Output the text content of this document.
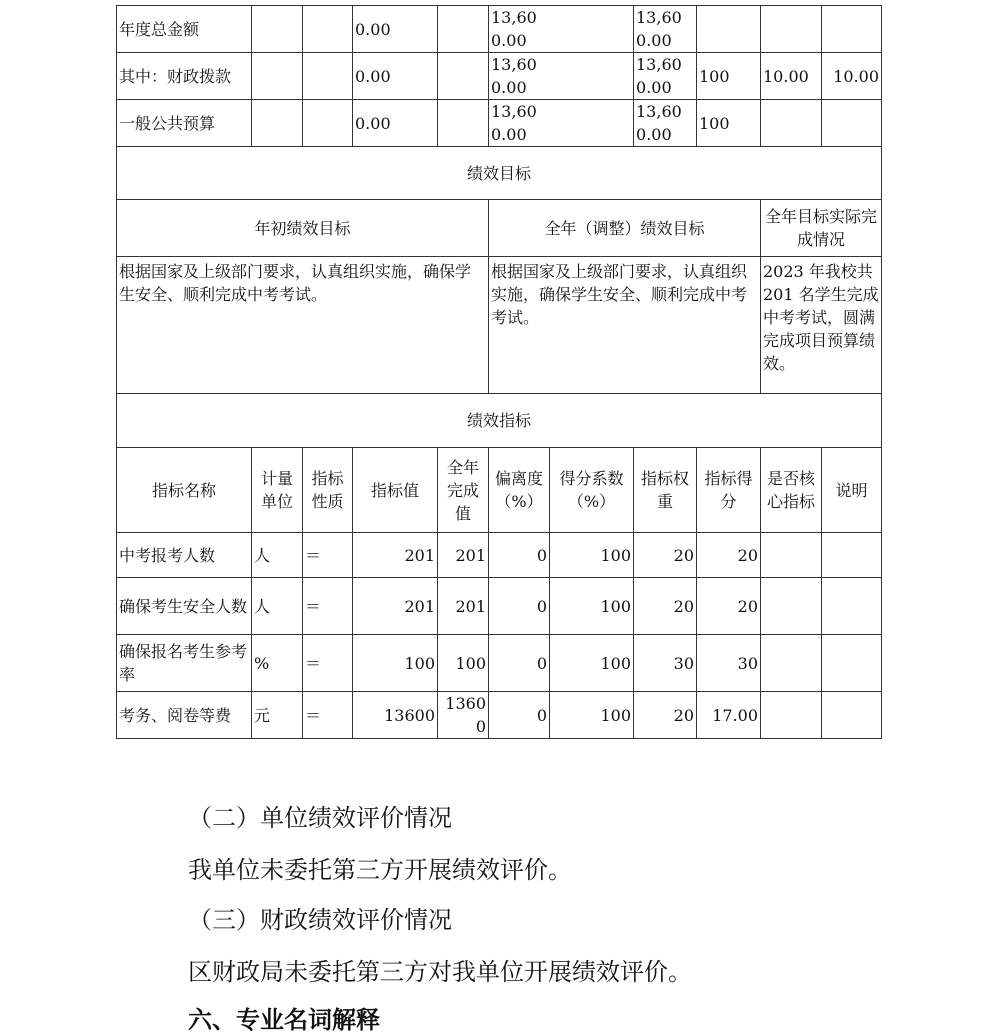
年度总金额			0.00		13,600.00		13,600.00			
其中：财政拨款			0.00		13,600.00		13,600.00	100	10.00	10.00
一般公共预算			0.00		13,600.00		13,600.00	100		
绩效目标										
年初绩效目标					全年（调整）绩效目标				全年目标实际完成情况	
根据国家及上级部门要求，认真组织实施，确保学生安全、顺利完成中考考试。					根据国家及上级部门要求，认真组织实施，确保学生安全、顺利完成中考考试。				2023 年我校共 201 名学生完成中考考试，圆满完成项目预算绩效。	
绩效指标										
指标名称	计量单位	指标性质	指标值	全年完成值	偏离度（%）	得分系数（%）	指标权重	指标得分	是否核心指标	说明
中考报考人数	人	＝	201	201	0	100	20	20		
确保考生安全人数	人	＝	201	201	0	100	20	20		
确保报名考生参考率	%	＝	100	100	0	100	30	30		
考务、阅卷等费	元	＝	13600	13600	0	100	20	17.00		
（二）单位绩效评价情况
我单位未委托第三方开展绩效评价。
（三）财政绩效评价情况
区财政局未委托第三方对我单位开展绩效评价。
六、专业名词解释
